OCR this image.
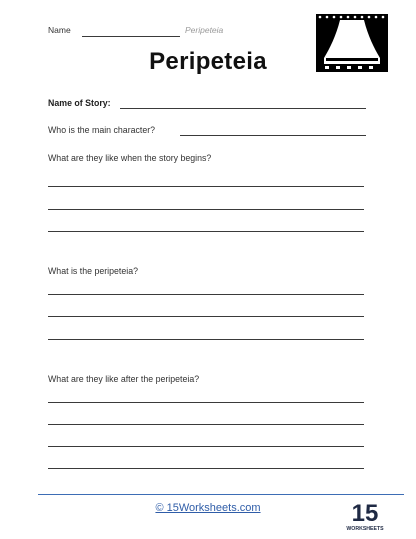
Name	Peripeteia
Peripeteia
Name of Story:
Who is the main character?
What are they like when the story begins?
What is the peripeteia?
What are they like after the peripeteia?
© 15Worksheets.com	15
WORKSHEETS
